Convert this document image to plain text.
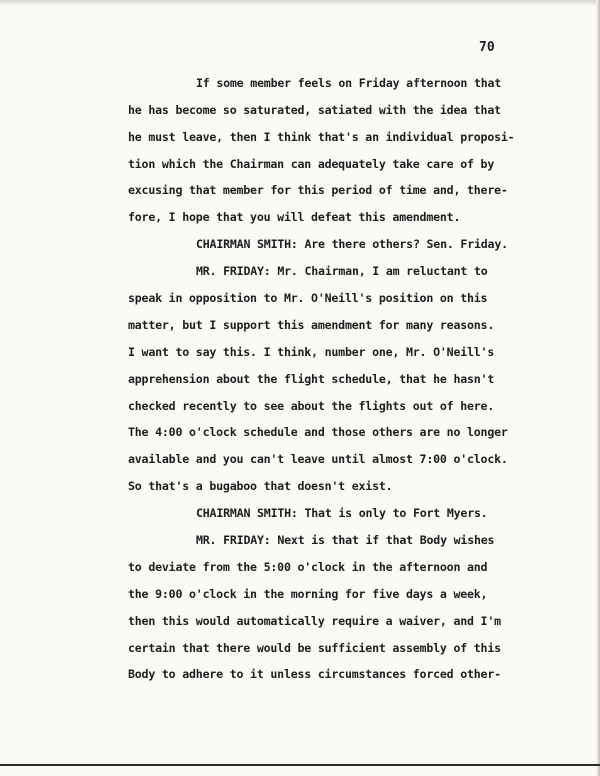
70
If some member feels on Friday afternoon that
he has become so saturated, satiated with the idea that
he must leave, then I think that's an individual proposi-
tion which the Chairman can adequately take care of by
excusing that member for this period of time and, there-
fore, I hope that you will defeat this amendment.
CHAIRMAN SMITH: Are there others? Sen. Friday.
MR. FRIDAY: Mr. Chairman, I am reluctant to
speak in opposition to Mr. O'Neill's position on this
matter, but I support this amendment for many reasons.
I want to say this. I think, number one, Mr. O'Neill's
apprehension about the flight schedule, that he hasn't
checked recently to see about the flights out of here.
The 4:00 o'clock schedule and those others are no longer
available and you can't leave until almost 7:00 o'clock.
So that's a bugaboo that doesn't exist.
CHAIRMAN SMITH: That is only to Fort Myers.
MR. FRIDAY: Next is that if that Body wishes
to deviate from the 5:00 o'clock in the afternoon and
the 9:00 o'clock in the morning for five days a week,
then this would automatically require a waiver, and I'm
certain that there would be sufficient assembly of this
Body to adhere to it unless circumstances forced other-
